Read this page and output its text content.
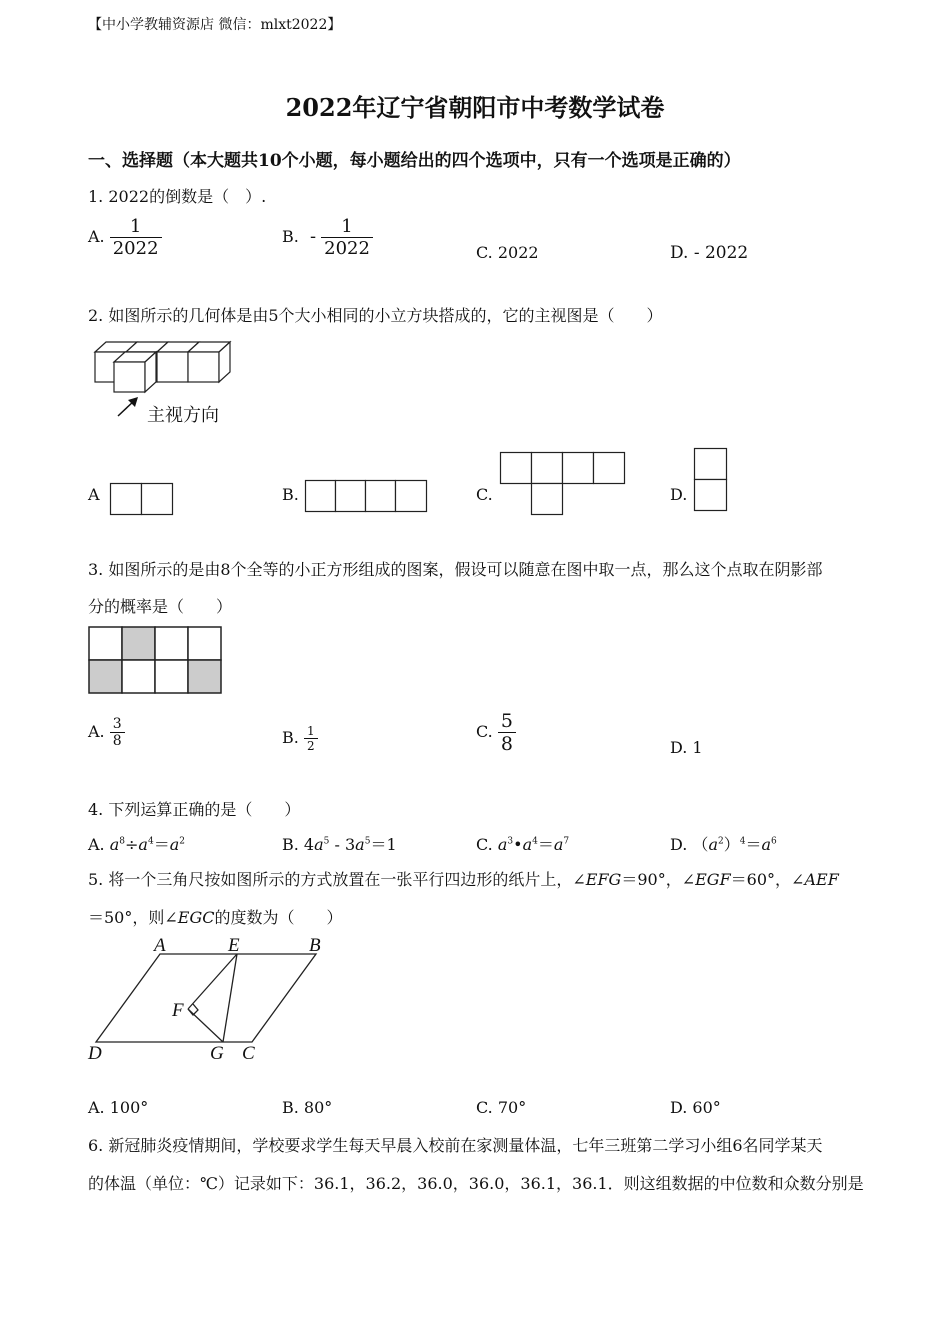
【中小学教辅资源店 微信：mlxt2022】
2022年辽宁省朝阳市中考数学试卷
一、选择题（本大题共10个小题，每小题给出的四个选项中，只有一个选项是正确的）
1. 2022的倒数是（　）.
A. $\frac{1}{2022}$	B. - $\frac{1}{2022}$	C. 2022	D. - 2022
2. 如图所示的几何体是由5个大小相同的小立方块搭成的，它的主视图是（　　）
主视方向
A	B.	C.	D.
3. 如图所示的是由8个全等的小正方形组成的图案，假设可以随意在图中取一点，那么这个点取在阴影部
分的概率是（　　）
A. $\frac{3}{8}$	B. $\frac{1}{2}$	C. $\frac{5}{8}$	D. 1
4. 下列运算正确的是（　　）
A. $a^8\div a^4=a^2$	B. $4a^5 - 3a^5=1$	C. $a^3•a^4=a^7$	D. $(a^2)^4=a^6$
5. 将一个三角尺按如图所示的方式放置在一张平行四边形的纸片上，∠EFG＝90°，∠EGF＝60°，∠AEF
＝50°，则∠EGC的度数为（　　）
A	E	B
F
D	G C
A. 100°	B. 80°	C. 70°	D. 60°
6. 新冠肺炎疫情期间，学校要求学生每天早晨入校前在家测量体温，七年三班第二学习小组6名同学某天
的体温（单位：℃）记录如下：36.1，36.2，36.0，36.0，36.1，36.1．则这组数据的中位数和众数分别是
